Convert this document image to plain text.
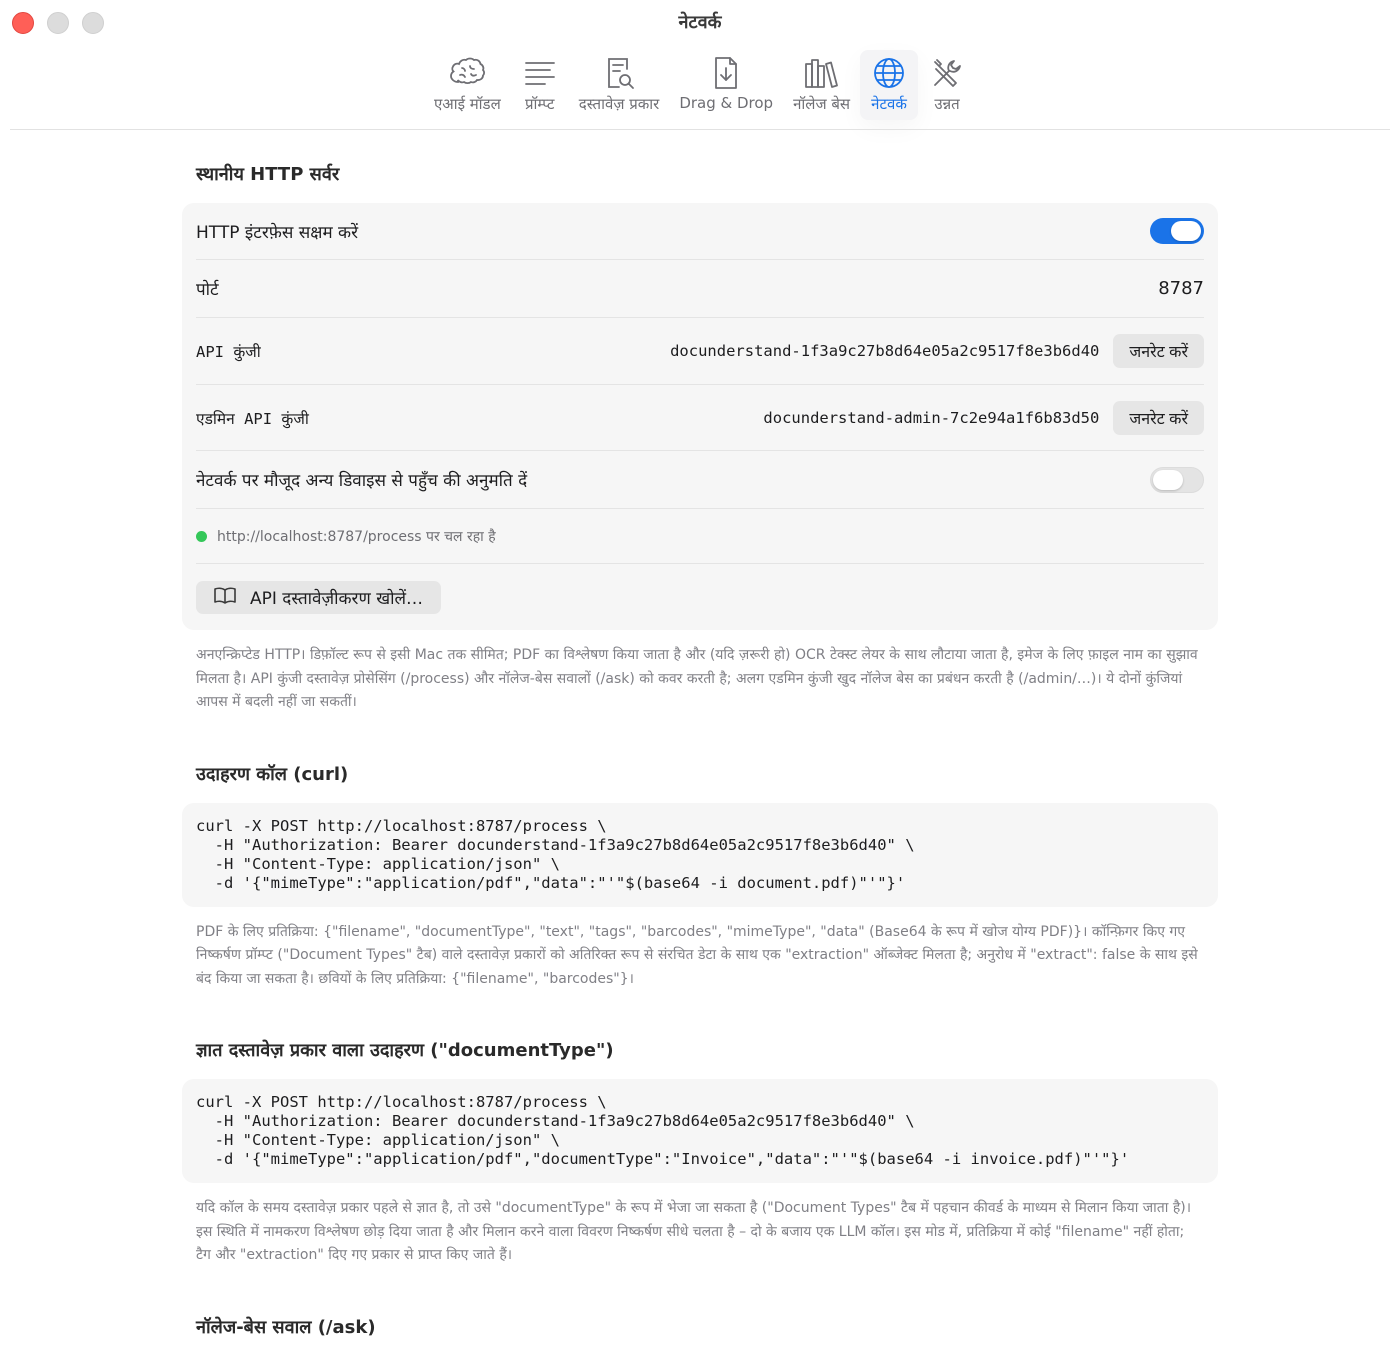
नेटवर्क
एआई मॉडल प्रॉम्प्ट दस्तावेज़ प्रकार Drag & Drop नॉलेज बेस नेटवर्क उन्नत
स्थानीय HTTP सर्वर
HTTP इंटरफ़ेस सक्षम करें
पोर्ट	8787
API कुंजी	docunderstand-1f3a9c27b8d64e05a2c9517f8e3b6d40	जनरेट करें
एडमिन API कुंजी	docunderstand-admin-7c2e94a1f6b83d50	जनरेट करें
नेटवर्क पर मौजूद अन्य डिवाइस से पहुँच की अनुमति दें
http://localhost:8787/process पर चल रहा है
API दस्तावेज़ीकरण खोलें…
अनएन्क्रिप्टेड HTTP। डिफ़ॉल्ट रूप से इसी Mac तक सीमित; PDF का विश्लेषण किया जाता है और (यदि ज़रूरी हो) OCR टेक्स्ट लेयर के साथ लौटाया जाता है, इमेज के लिए फ़ाइल नाम का सुझाव मिलता है। API कुंजी दस्तावेज़ प्रोसेसिंग (/process) और नॉलेज-बेस सवालों (/ask) को कवर करती है; अलग एडमिन कुंजी खुद नॉलेज बेस का प्रबंधन करती है (/admin/…)। ये दोनों कुंजियां आपस में बदली नहीं जा सकतीं।
उदाहरण कॉल (curl)
curl -X POST http://localhost:8787/process \
-H "Authorization: Bearer docunderstand-1f3a9c27b8d64e05a2c9517f8e3b6d40" \
-H "Content-Type: application/json" \
-d '{"mimeType":"application/pdf","data":"'"$(base64 -i document.pdf)"'"}'
PDF के लिए प्रतिक्रिया: {"filename", "documentType", "text", "tags", "barcodes", "mimeType", "data" (Base64 के रूप में खोज योग्य PDF)}। कॉन्फ़िगर किए गए निष्कर्षण प्रॉम्प्ट ("Document Types" टैब) वाले दस्तावेज़ प्रकारों को अतिरिक्त रूप से संरचित डेटा के साथ एक "extraction" ऑब्जेक्ट मिलता है; अनुरोध में "extract": false के साथ इसे बंद किया जा सकता है। छवियों के लिए प्रतिक्रिया: {"filename", "barcodes"}।
ज्ञात दस्तावेज़ प्रकार वाला उदाहरण ("documentType")
curl -X POST http://localhost:8787/process \
-H "Authorization: Bearer docunderstand-1f3a9c27b8d64e05a2c9517f8e3b6d40" \
-H "Content-Type: application/json" \
-d '{"mimeType":"application/pdf","documentType":"Invoice","data":"'"$(base64 -i invoice.pdf)"'"}'
यदि कॉल के समय दस्तावेज़ प्रकार पहले से ज्ञात है, तो उसे "documentType" के रूप में भेजा जा सकता है ("Document Types" टैब में पहचान कीवर्ड के माध्यम से मिलान किया जाता है)। इस स्थिति में नामकरण विश्लेषण छोड़ दिया जाता है और मिलान करने वाला विवरण निष्कर्षण सीधे चलता है – दो के बजाय एक LLM कॉल। इस मोड में, प्रतिक्रिया में कोई "filename" नहीं होता; टैग और "extraction" दिए गए प्रकार से प्राप्त किए जाते हैं।
नॉलेज-बेस सवाल (/ask)
